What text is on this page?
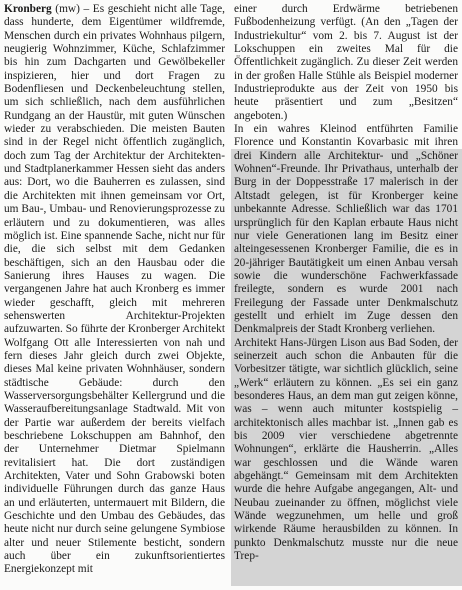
Kronberg (mw) – Es geschieht nicht alle Tage, dass hunderte, dem Eigentümer wildfremde, Menschen durch ein privates Wohnhaus pilgern, neugierig Wohnzimmer, Küche, Schlafzimmer bis hin zum Dachgarten und Gewölbekeller inspizieren, hier und dort Fragen zu Bodenfliesen und Deckenbeleuchtung stellen, um sich schließlich, nach dem ausführlichen Rundgang an der Haustür, mit guten Wünschen wieder zu verabschieden. Die meisten Bauten sind in der Regel nicht öffentlich zugänglich, doch zum Tag der Architektur der Architekten- und Stadtplanerkammer Hessen sieht das anders aus: Dort, wo die Bauherren es zulassen, sind die Architekten mit ihnen gemeinsam vor Ort, um Bau-, Umbau- und Renovierungsprozesse zu erläutern und zu dokumentieren, was alles möglich ist. Eine spannende Sache, nicht nur für die, die sich selbst mit dem Gedanken beschäftigen, sich an den Hausbau oder die Sanierung ihres Hauses zu wagen. Die vergangenen Jahre hat auch Kronberg es immer wieder geschafft, gleich mit mehreren sehenswerten Architektur-Projekten aufzuwarten. So führte der Kronberger Architekt Wolfgang Ott alle Interessierten von nah und fern dieses Jahr gleich durch zwei Objekte, dieses Mal keine privaten Wohnhäuser, sondern städtische Gebäude: durch den Wasserversorgungsbehälter Kellergrund und die Wasseraufbereitungsanlage Stadtwald. Mit von der Partie war außerdem der bereits vielfach beschriebene Lokschuppen am Bahnhof, den der Unternehmer Dietmar Spielmann revitalisiert hat. Die dort zuständigen Architekten, Vater und Sohn Grabowski boten individuelle Führungen durch das ganze Haus an und erläuterten, untermauert mit Bildern, die Geschichte und den Umbau des Gebäudes, das heute nicht nur durch seine gelungene Symbiose alter und neuer Stilemente besticht, sondern auch über ein zukunftsorientiertes Energiekonzept mit

einer durch Erdwärme betriebenen Fußbodenheizung verfügt. (An den „Tagen der Industriekultur“ vom 2. bis 7. August ist der Lokschuppen ein zweites Mal für die Öffentlichkeit zugänglich. Zu dieser Zeit werden in der großen Halle Stühle als Beispiel moderner Industrieprodukte aus der Zeit von 1950 bis heute präsentiert und zum „Besitzen“ angeboten.)

In ein wahres Kleinod entführten Familie Florence und Konstantin Kovarbasic mit ihren drei Kindern alle Architektur- und „Schöner Wohnen“-Freunde. Ihr Privathaus, unterhalb der Burg in der Doppesstraße 17 malerisch in der Altstadt gelegen, ist für Kronberger keine unbekannte Adresse. Schließlich war das 1701 ursprünglich für den Kaplan erbaute Haus nicht nur viele Generationen lang im Besitz einer alteingesessenen Kronberger Familie, die es in 20-jähriger Bautätigkeit um einen Anbau versah sowie die wunderschöne Fachwerkfassade freilegte, sondern es wurde 2001 nach Freilegung der Fassade unter Denkmalschutz gestellt und erhielt im Zuge dessen den Denkmalpreis der Stadt Kronberg verliehen.

Architekt Hans-Jürgen Lison aus Bad Soden, der seinerzeit auch schon die Anbauten für die Vorbesitzer tätigte, war sichtlich glücklich, seine „Werk“ erläutern zu können. „Es sei ein ganz besonderes Haus, an dem man gut zeigen könne, was – wenn auch mitunter kostspielig – architektonisch alles machbar ist. „Innen gab es bis 2009 vier verschiedene abgetrennte Wohnungen“, erklärte die Hausherrin. „Alles war geschlossen und die Wände waren abgehängt.“ Gemeinsam mit dem Architekten wurde die hehre Aufgabe angegangen, Alt- und Neubau zueinander zu öffnen, möglichst viele Wände wegzunehmen, um helle und groß wirkende Räume herausbilden zu können. In punkto Denkmalschutz musste nur die neue Trep-
